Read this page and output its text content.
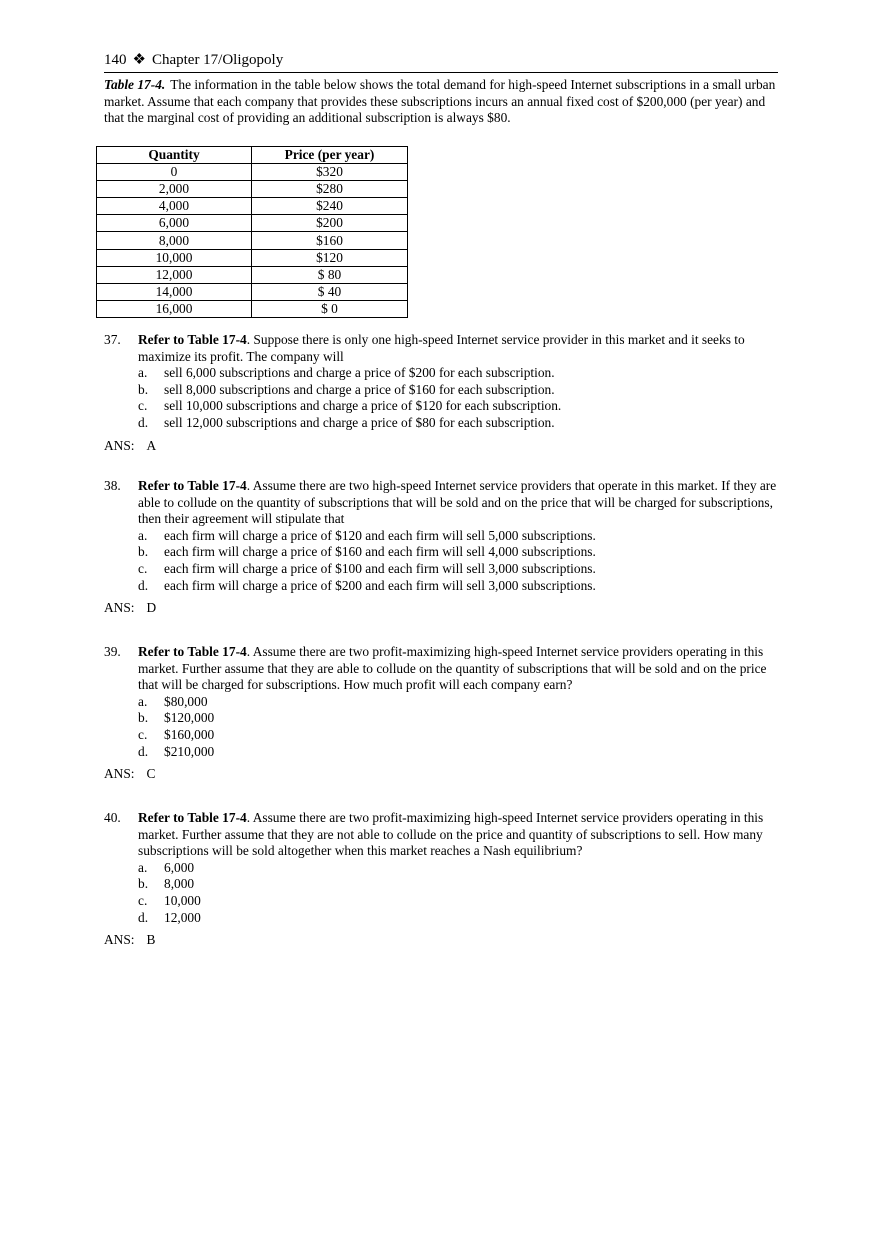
140 ❖ Chapter 17/Oligopoly
Table 17-4. The information in the table below shows the total demand for high-speed Internet subscriptions in a small urban market. Assume that each company that provides these subscriptions incurs an annual fixed cost of $200,000 (per year) and that the marginal cost of providing an additional subscription is always $80.
Quantity	Price (per year)
0	$320
2,000	$280
4,000	$240
6,000	$200
8,000	$160
10,000	$120
12,000	$ 80
14,000	$ 40
16,000	$ 0
37. Refer to Table 17-4. Suppose there is only one high-speed Internet service provider in this market and it seeks to maximize its profit. The company will
a. sell 6,000 subscriptions and charge a price of $200 for each subscription.
b. sell 8,000 subscriptions and charge a price of $160 for each subscription.
c. sell 10,000 subscriptions and charge a price of $120 for each subscription.
d. sell 12,000 subscriptions and charge a price of $80 for each subscription.
ANS: A
38. Refer to Table 17-4. Assume there are two high-speed Internet service providers that operate in this market. If they are able to collude on the quantity of subscriptions that will be sold and on the price that will be charged for subscriptions, then their agreement will stipulate that
a. each firm will charge a price of $120 and each firm will sell 5,000 subscriptions.
b. each firm will charge a price of $160 and each firm will sell 4,000 subscriptions.
c. each firm will charge a price of $100 and each firm will sell 3,000 subscriptions.
d. each firm will charge a price of $200 and each firm will sell 3,000 subscriptions.
ANS: D
39. Refer to Table 17-4. Assume there are two profit-maximizing high-speed Internet service providers operating in this market. Further assume that they are able to collude on the quantity of subscriptions that will be sold and on the price that will be charged for subscriptions. How much profit will each company earn?
a. $80,000
b. $120,000
c. $160,000
d. $210,000
ANS: C
40. Refer to Table 17-4. Assume there are two profit-maximizing high-speed Internet service providers operating in this market. Further assume that they are not able to collude on the price and quantity of subscriptions to sell. How many subscriptions will be sold altogether when this market reaches a Nash equilibrium?
a. 6,000
b. 8,000
c. 10,000
d. 12,000
ANS: B
